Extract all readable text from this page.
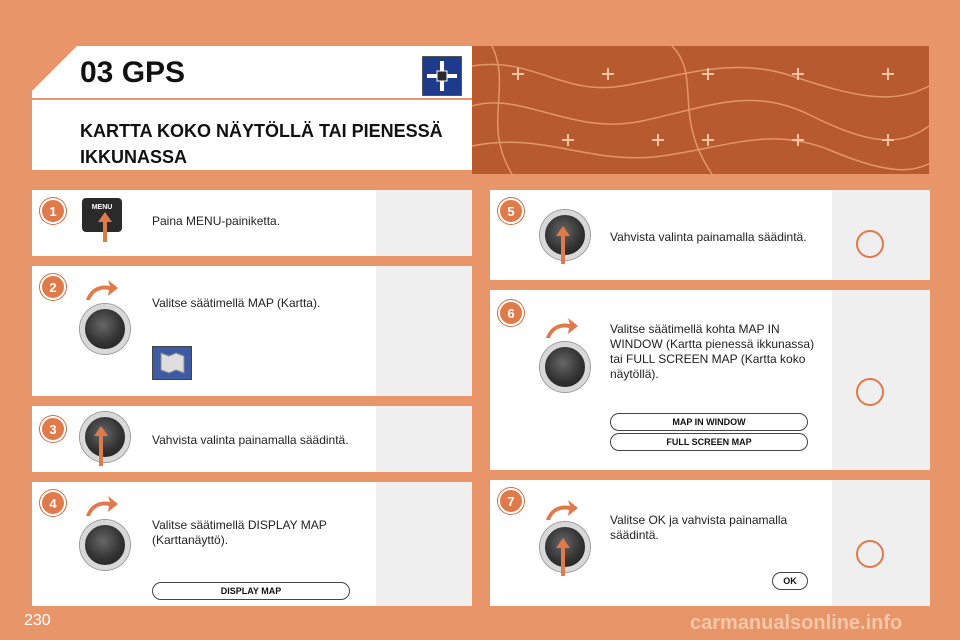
03 GPS
KARTTA KOKO NÄYTÖLLÄ TAI PIENESSÄ IKKUNASSA
1	MENU
Paina MENU-painiketta.
2
Valitse säätimellä MAP (Kartta).
3
Vahvista valinta painamalla säädintä.
4
Valitse säätimellä DISPLAY MAP (Karttanäyttö).
DISPLAY MAP
5
Vahvista valinta painamalla säädintä.
6
Valitse säätimellä kohta MAP IN WINDOW (Kartta pienessä ikkunassa) tai FULL SCREEN MAP (Kartta koko näytöllä).
MAP IN WINDOW
FULL SCREEN MAP
7
Valitse OK ja vahvista painamalla säädintä.
OK
230	carmanualsonline.info
